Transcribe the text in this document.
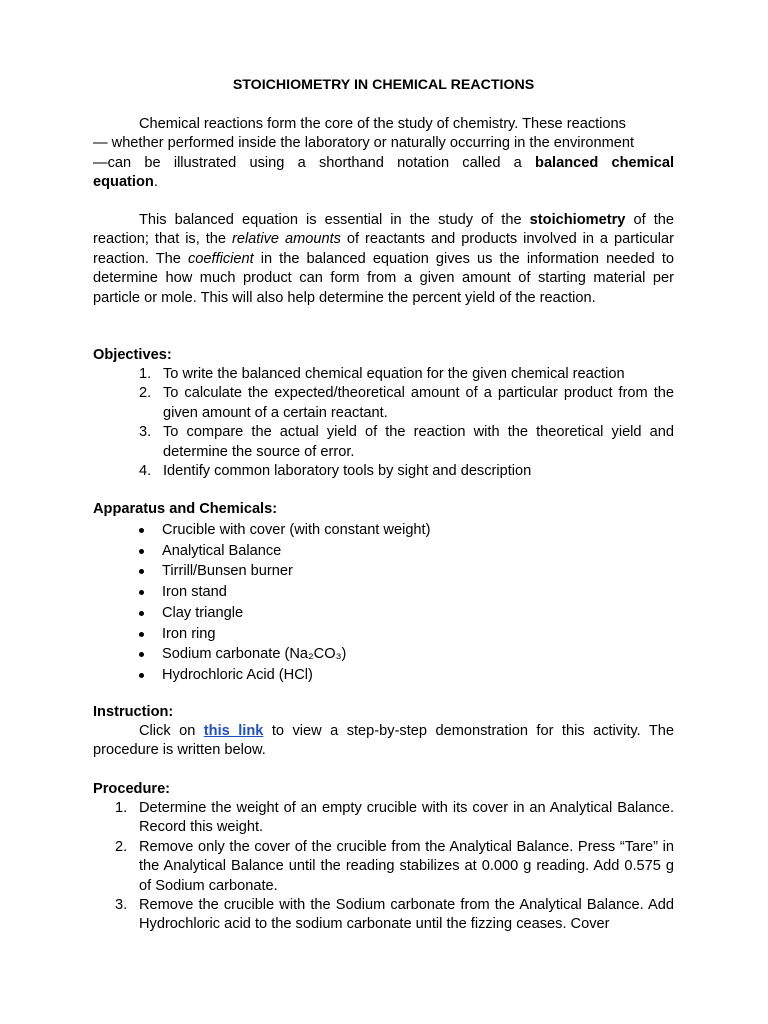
STOICHIOMETRY IN CHEMICAL REACTIONS
Chemical reactions form the core of the study of chemistry. These reactions
— whether performed inside the laboratory or naturally occurring in the environment
—can be illustrated using a shorthand notation called a balanced chemical
equation.
This balanced equation is essential in the study of the stoichiometry of the reaction; that is, the relative amounts of reactants and products involved in a particular reaction. The coefficient in the balanced equation gives us the information needed to determine how much product can form from a given amount of starting material per particle or mole. This will also help determine the percent yield of the reaction.
Objectives:
1. To write the balanced chemical equation for the given chemical reaction
2. To calculate the expected/theoretical amount of a particular product from the given amount of a certain reactant.
3. To compare the actual yield of the reaction with the theoretical yield and determine the source of error.
4. Identify common laboratory tools by sight and description
Apparatus and Chemicals:
Crucible with cover (with constant weight)
Analytical Balance
Tirrill/Bunsen burner
Iron stand
Clay triangle
Iron ring
Sodium carbonate (Na₂CO₃)
Hydrochloric Acid (HCl)
Instruction:
Click on this link to view a step-by-step demonstration for this activity. The procedure is written below.
Procedure:
1. Determine the weight of an empty crucible with its cover in an Analytical Balance. Record this weight.
2. Remove only the cover of the crucible from the Analytical Balance. Press “Tare” in the Analytical Balance until the reading stabilizes at 0.000 g reading. Add 0.575 g of Sodium carbonate.
3. Remove the crucible with the Sodium carbonate from the Analytical Balance. Add Hydrochloric acid to the sodium carbonate until the fizzing ceases. Cover
